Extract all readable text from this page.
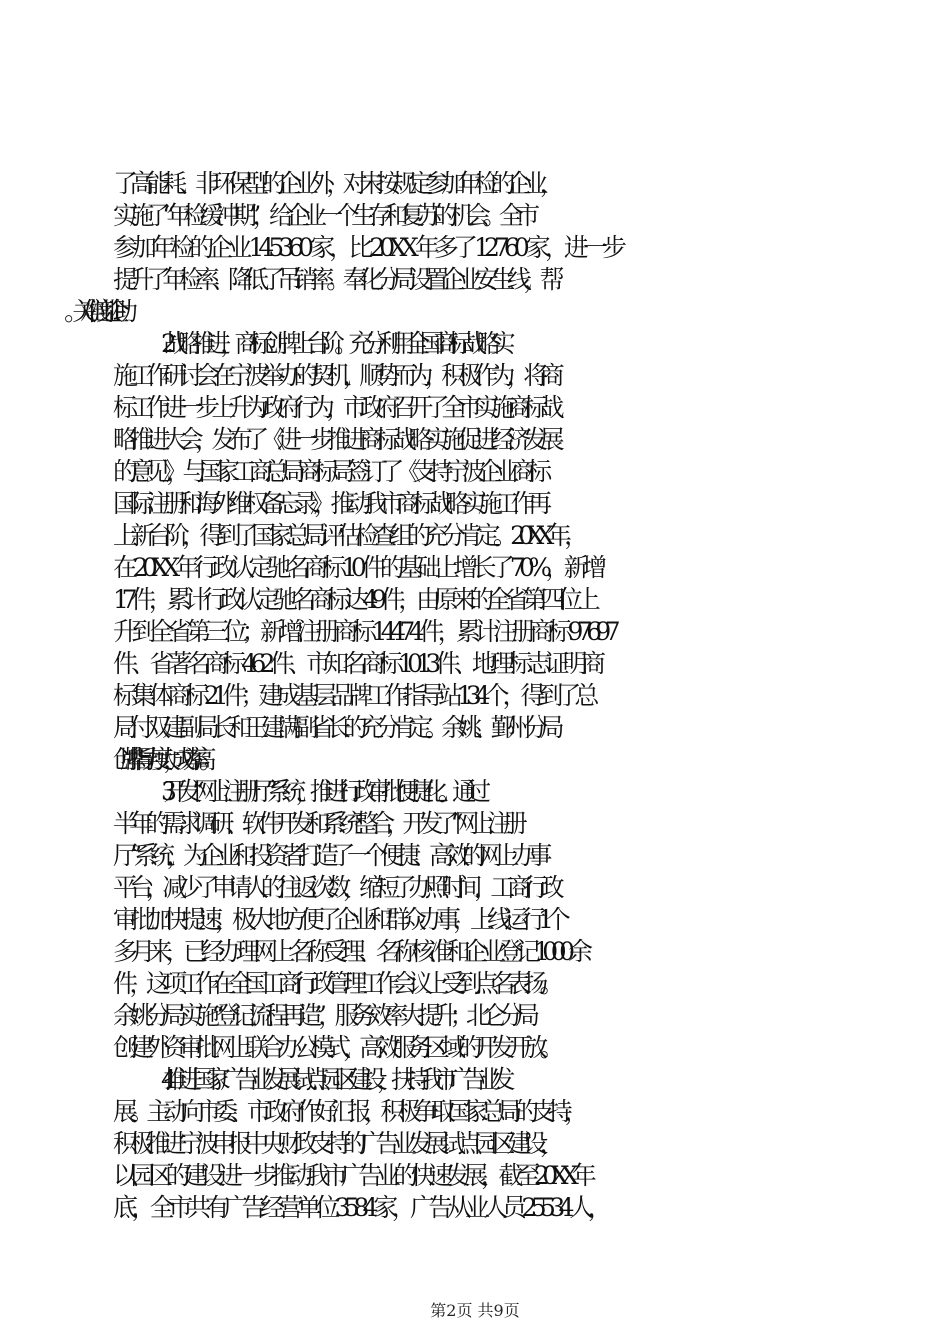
了高能耗、非环保型的企业外，对未按规定参加年检的企业，
实施了“年检缓冲期”，给企业一个生存和复苏的机会。全市
参加年检的企业 145360 家，比 20XX 年多了 12760 家，进一步
提升了年检率、降低了吊销率。奉化分局设置企业安生线，帮
2.战略推进，商标创牌上台阶。充分利用全国商标战略实
施工作研讨会在宁波举办的契机，顺势而为，积极作为，将商
标工作进一步上升为政府行为，市政府召开了全市实施商标战
略推进大会，发布了《进一步推进商标战略实施促进经济发展
的意见》，与国家工商总局商标局签订了《支持宁波企业商标
国际注册和海外维权备忘录》，推动我市商标战略实施工作再
上新台阶，得到了国家总局评估检查组的充分肯定。20XX 年，
在 20XX 年行政认定驰名商标 10 件的基础上增长了 70%，新增
17 件，累计行政认定驰名商标达 49 件，由原来的全省第四位上
升到全省第三位；新增注册商标 14474 件，累计注册商标 97697
件、省著名商标 462 件、市知名商标 1013 件、地理标志证明商
标集体商标 21 件；建成基层品牌工作指导站 134 个，得到了总
局付双建副局长和王建满副省长的充分肯定。余姚、鄞州分局
创牌指导力度大，成功率高。
3.开发“网上注册厅”系统，推进行政审批便捷化。通过
半年的需求调研、软件开发和系统整合，开发了“网上注册
厅”系统，为企业和投资者打造了一个便捷、高效的网上办事
平台，减少了申请人的往返次数，缩短了办照时间，工商行政
审批加快提速，极大地方便了企业和群众办事，上线运行 1 个
多月来，已经办理网上名称受理、名称核准和企业登记 1000 余
件，这项工作在全国工商行政管理工作会议上受到点名表扬。
余姚分局实施“登记流程再造”，服务效率大提升；北仑分局
创建外资审批网上联合办公模式，高效服务区域的开发开放。
4.推进国家广告业发展试点园区建设，扶持我市广告业发
展。主动向市委、市政府作好汇报，积极争取国家总局的支持，
积极推进宁波申报中央财政支持的广告业发展试点园区建设，
以园区的建设进一步推动我市广告业的快速发展，截至 20XX 年
底，全市共有广告经营单位 3584 家，广告从业人员 25534 人，
第2页 共9页
